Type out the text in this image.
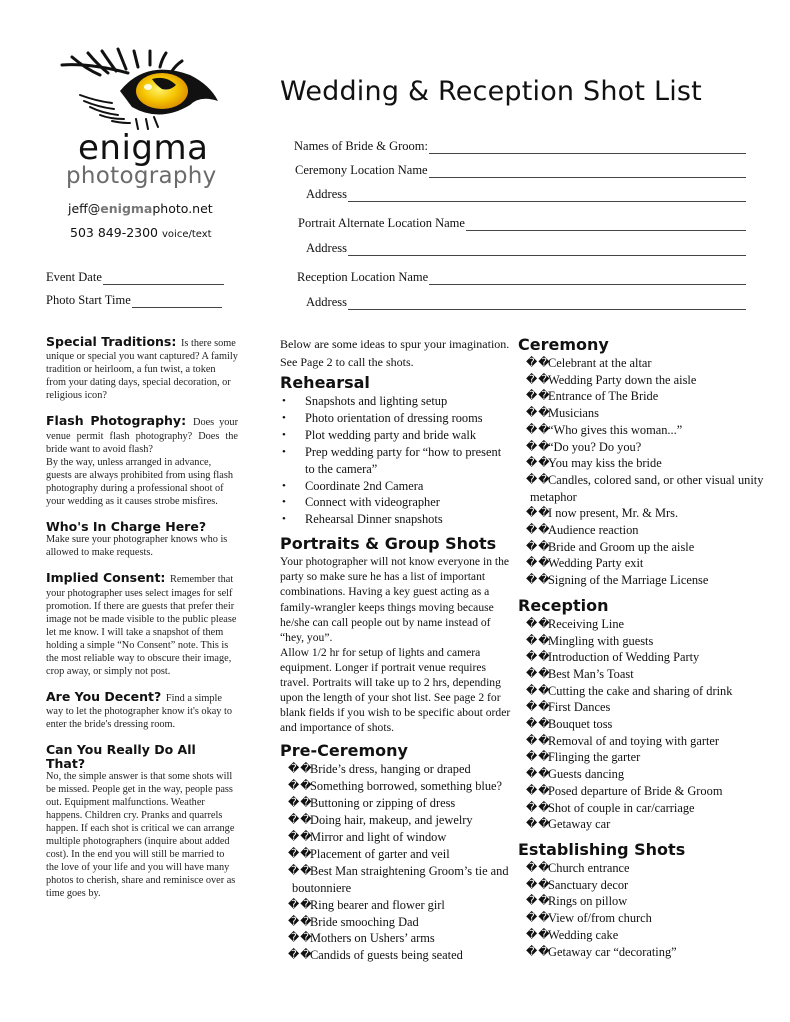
enigma
photography
jeff@enigmaphoto.net
503 849-2300 voice/text
Wedding & Reception Shot List
Names of Bride & Groom:
Ceremony Location Name
Address
Portrait Alternate Location Name
Address
Reception Location Name
Address
Event Date
Photo Start Time
Special Traditions: Is there some unique or special you want captured? A family tradition or heirloom, a fun twist, a token from your dating days, special decoration, or religious icon?
Flash Photography: Does your venue permit flash photography? Does the bride want to avoid flash?
By the way, unless arranged in advance, guests are always prohibited from using flash photography during a professional shoot of your wedding as it causes strobe misfires.
Who's In Charge Here?
Make sure your photographer knows who is allowed to make requests.
Implied Consent: Remember that your photographer uses select images for self promotion. If there are guests that prefer their image not be made visible to the public please let me know. I will take a snapshot of them holding a simple “No Consent” note. This is the most reliable way to obscure their image, crop away, or simply not post.
Are You Decent? Find a simple way to let the photographer know it's okay to enter the bride's dressing room.
Can You Really Do All That?
No, the simple answer is that some shots will be missed. People get in the way, people pass out. Equipment malfunctions. Weather happens. Children cry. Pranks and quarrels happen. If each shot is critical we can arrange multiple photographers (inquire about added cost). In the end you will still be married to the love of your life and you will have many photos to cherish, share and reminisce over as time goes by.
Below are some ideas to spur your imagination. See Page 2 to call the shots.
Rehearsal
• Snapshots and lighting setup
• Photo orientation of dressing rooms
• Plot wedding party and bride walk
• Prep wedding party for “how to present to the camera”
• Coordinate 2nd Camera
• Connect with videographer
• Rehearsal Dinner snapshots
Portraits & Group Shots
Your photographer will not know everyone in the party so make sure he has a list of important combinations. Having a key guest acting as a family-wrangler keeps things moving because he/she can call people out by name instead of “hey, you”.
Allow 1/2 hr for setup of lights and camera equipment. Longer if portrait venue requires travel. Portraits will take up to 2 hrs, depending upon the length of your shot list. See page 2 for blank fields if you wish to be specific about order and importance of shots.
Pre-Ceremony
��
Bride’s dress, hanging or draped
��
Something borrowed, something blue?
��
Buttoning or zipping of dress
��
Doing hair, makeup, and jewelry
��
Mirror and light of window
��
Placement of garter and veil
��
Best Man straightening Groom’s tie and boutonniere
��
Ring bearer and flower girl
��
Bride smooching Dad
��
Mothers on Ushers’ arms
��
Candids of guests being seated
Ceremony
��
Celebrant at the altar
��
Wedding Party down the aisle
��
Entrance of The Bride
��
Musicians
��
“Who gives this woman...”
��
“Do you? Do you?
��
You may kiss the bride
��
Candles, colored sand, or other visual unity metaphor
��
I now present, Mr. & Mrs.
��
Audience reaction
��
Bride and Groom up the aisle
��
Wedding Party exit
��
Signing of the Marriage License
Reception
��
Receiving Line
��
Mingling with guests
��
Introduction of Wedding Party
��
Best Man’s Toast
��
Cutting the cake and sharing of drink
��
First Dances
��
Bouquet toss
��
Removal of and toying with garter
��
Flinging the garter
��
Guests dancing
��
Posed departure of Bride & Groom
��
Shot of couple in car/carriage
��
Getaway car
Establishing Shots
��
Church entrance
��
Sanctuary decor
��
Rings on pillow
��
View of/from church
��
Wedding cake
��
Getaway car “decorating”
